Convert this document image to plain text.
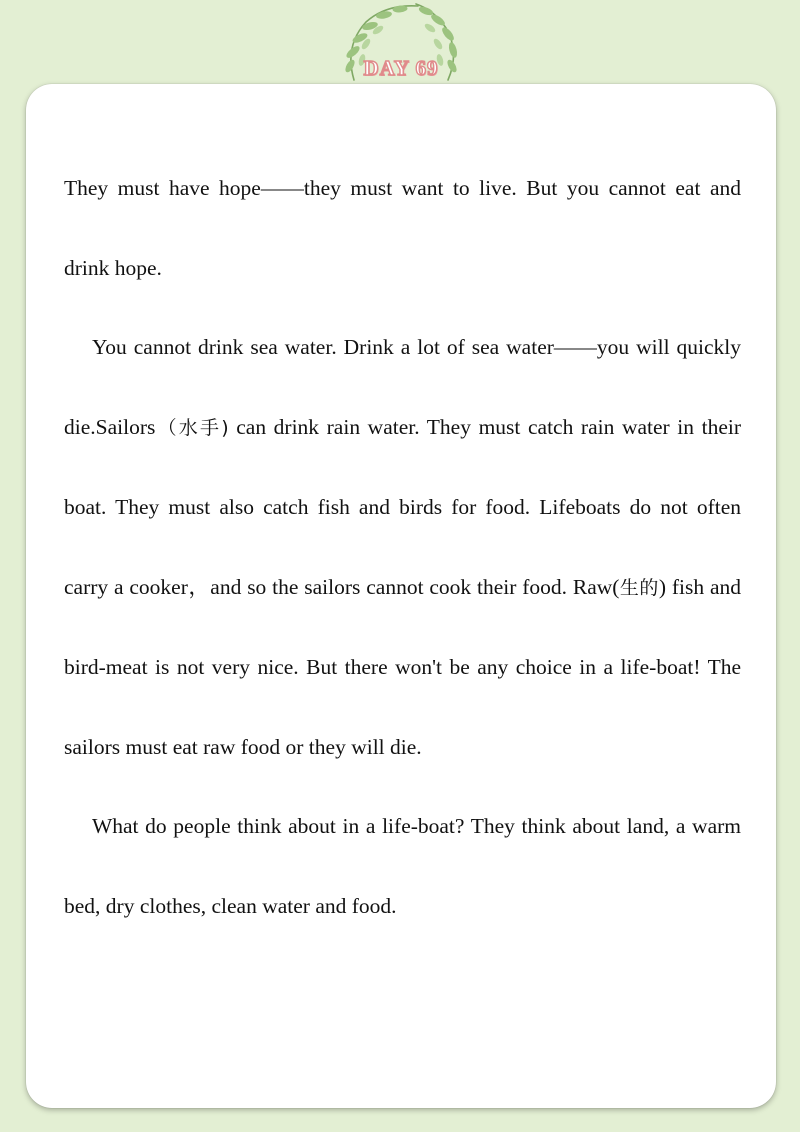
DAY 69

They must have hope——they must want to live. But you cannot eat and drink hope.

You cannot drink sea water. Drink a lot of sea water——you will quickly die.Sailors（水手) can drink rain water. They must catch rain water in their boat. They must also catch fish and birds for food. Lifeboats do not often carry a cooker，and so the sailors cannot cook their food. Raw(生的) fish and bird-meat is not very nice. But there won't be any choice in a life-boat! The sailors must eat raw food or they will die.

What do people think about in a life-boat? They think about land, a warm bed, dry clothes, clean water and food.
